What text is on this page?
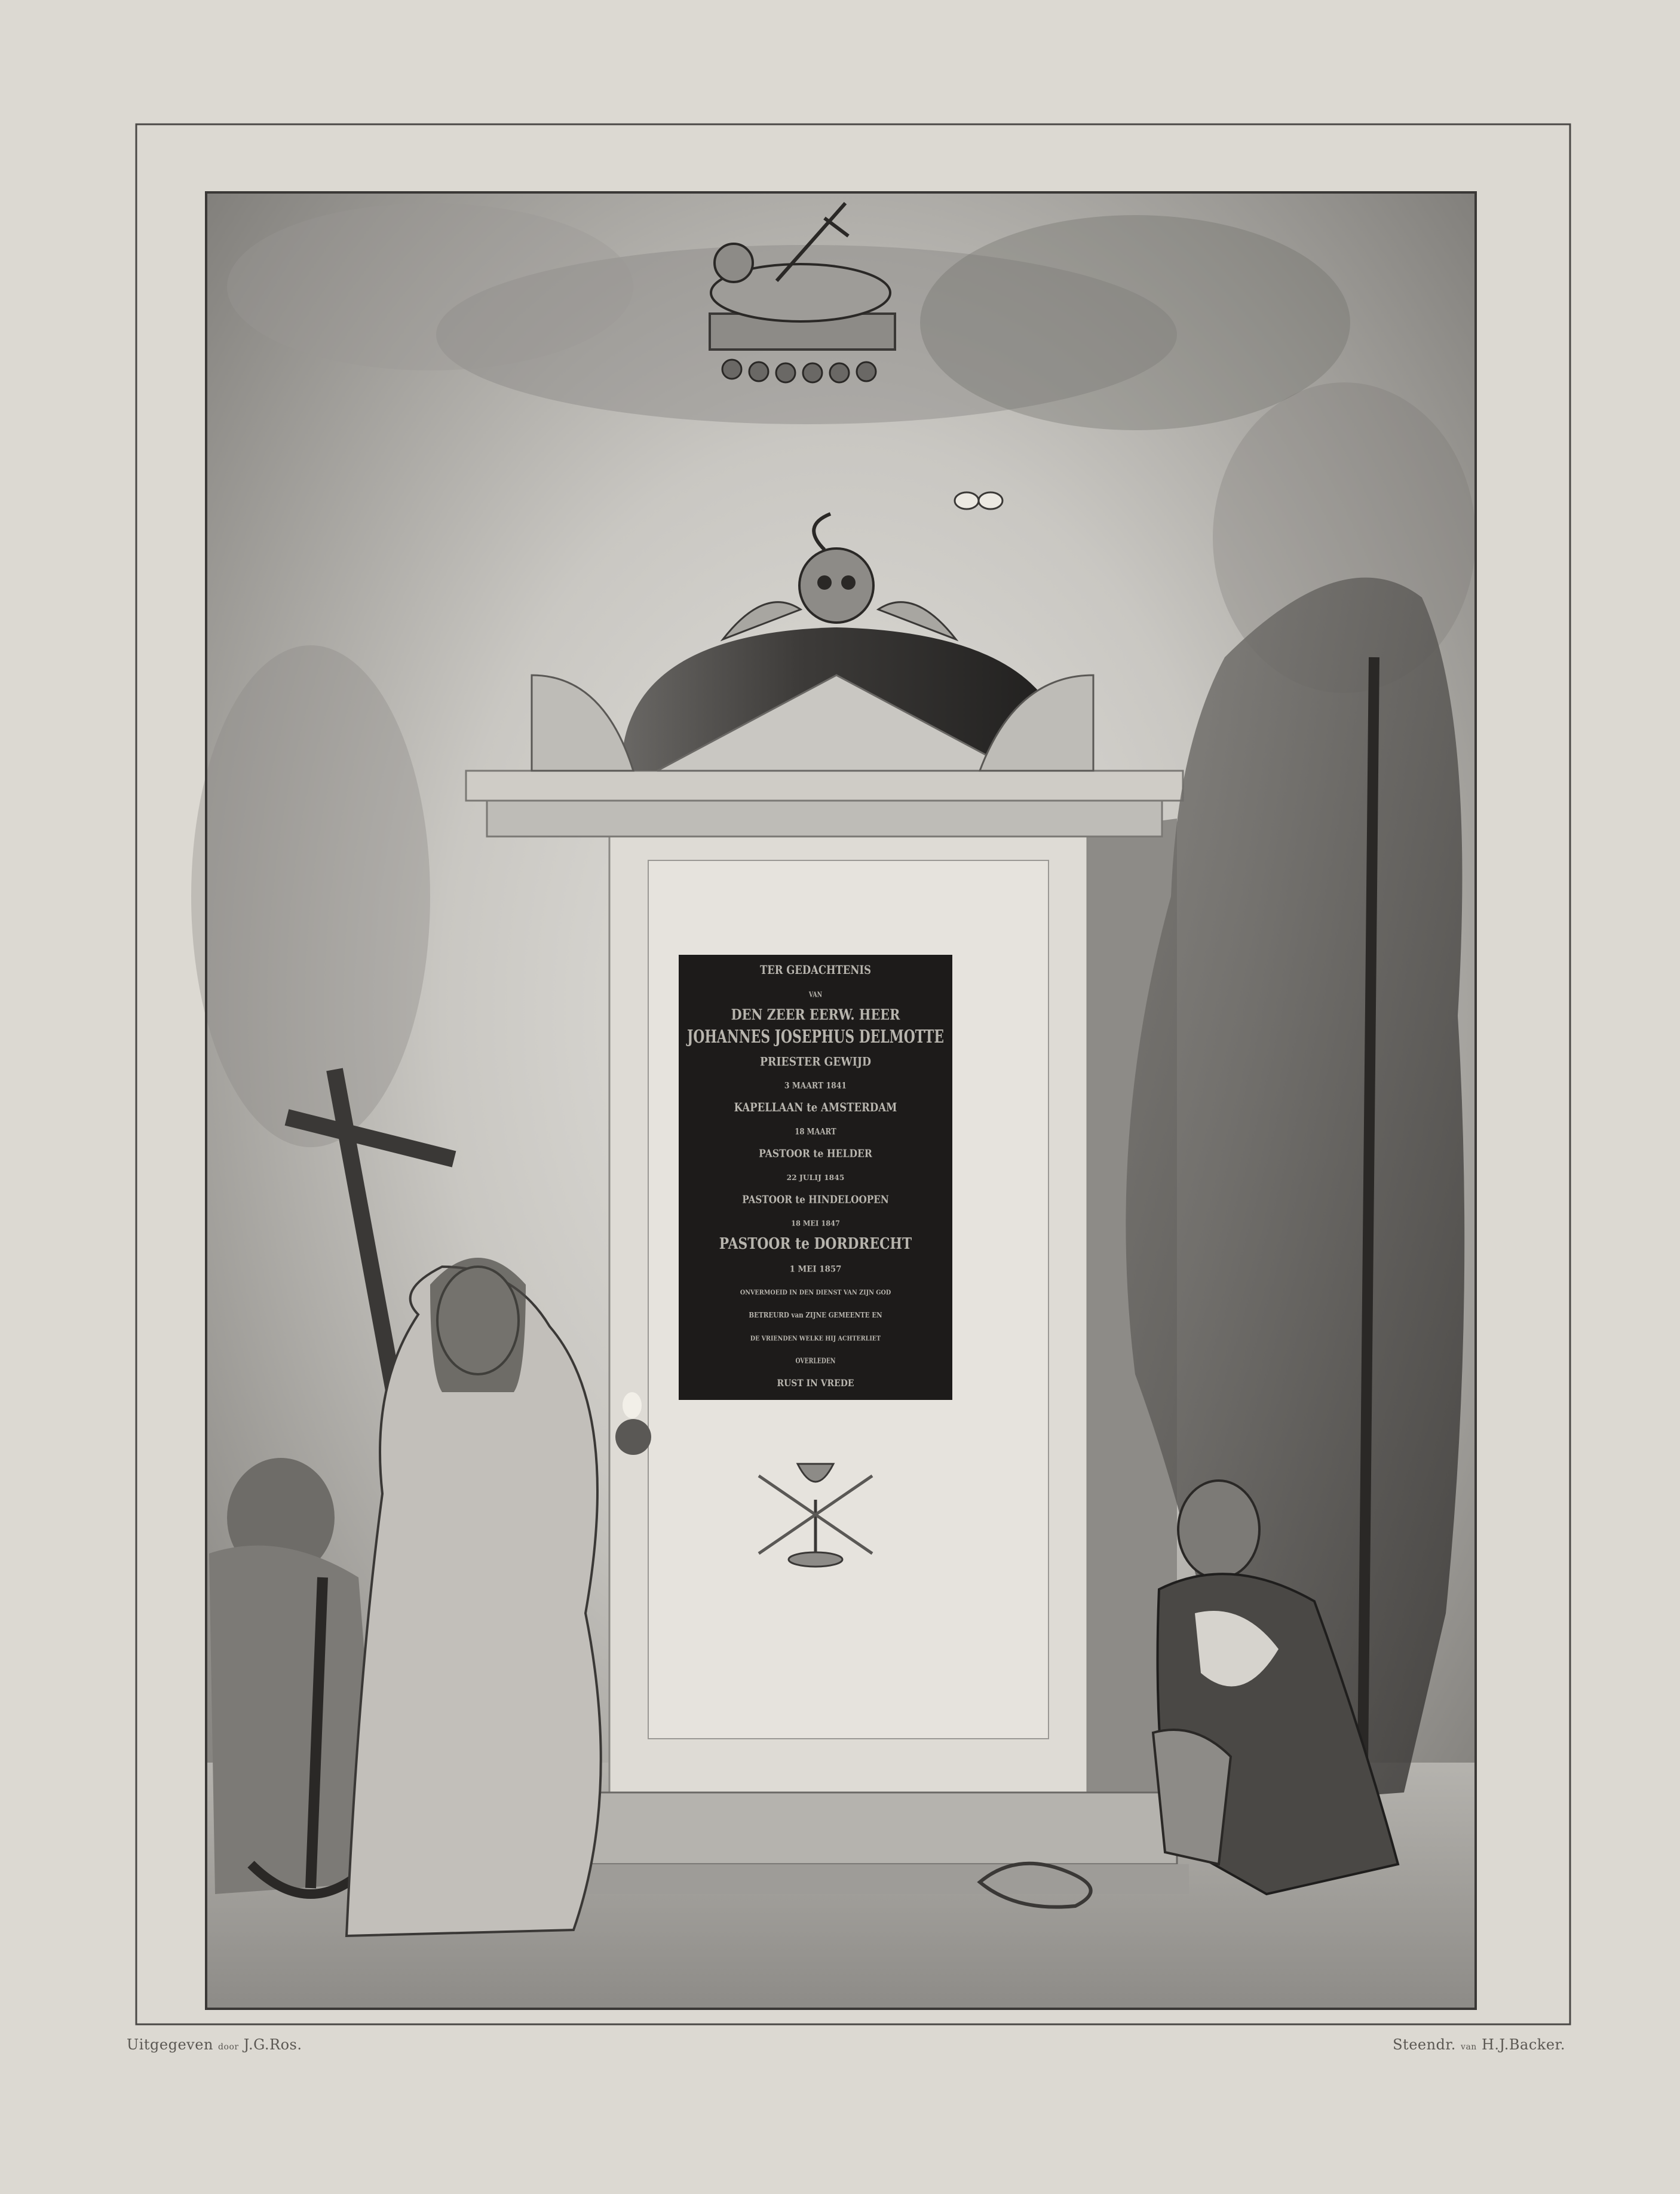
TER GEDACHTENIS
VAN
DEN ZEER EERW. HEER
JOHANNES JOSEPHUS DELMOTTE
PRIESTER GEWIJD
3 MAART 1841
KAPELLAAN te AMSTERDAM
18 MAART
PASTOOR te HELDER
22 JULIJ 1845
PASTOOR te HINDELOOPEN
18 MEI 1847
PASTOOR te DORDRECHT
1 MEI 1857
ONVERMOEID IN DEN DIENST VAN ZIJN GOD
BETREURD van ZIJNE GEMEENTE EN
DE VRIENDEN WELKE HIJ ACHTERLIET
OVERLEDEN
RUST IN VREDE
Uitgegeven door J.G.Ros.	Steendr. van H.J.Backer.
